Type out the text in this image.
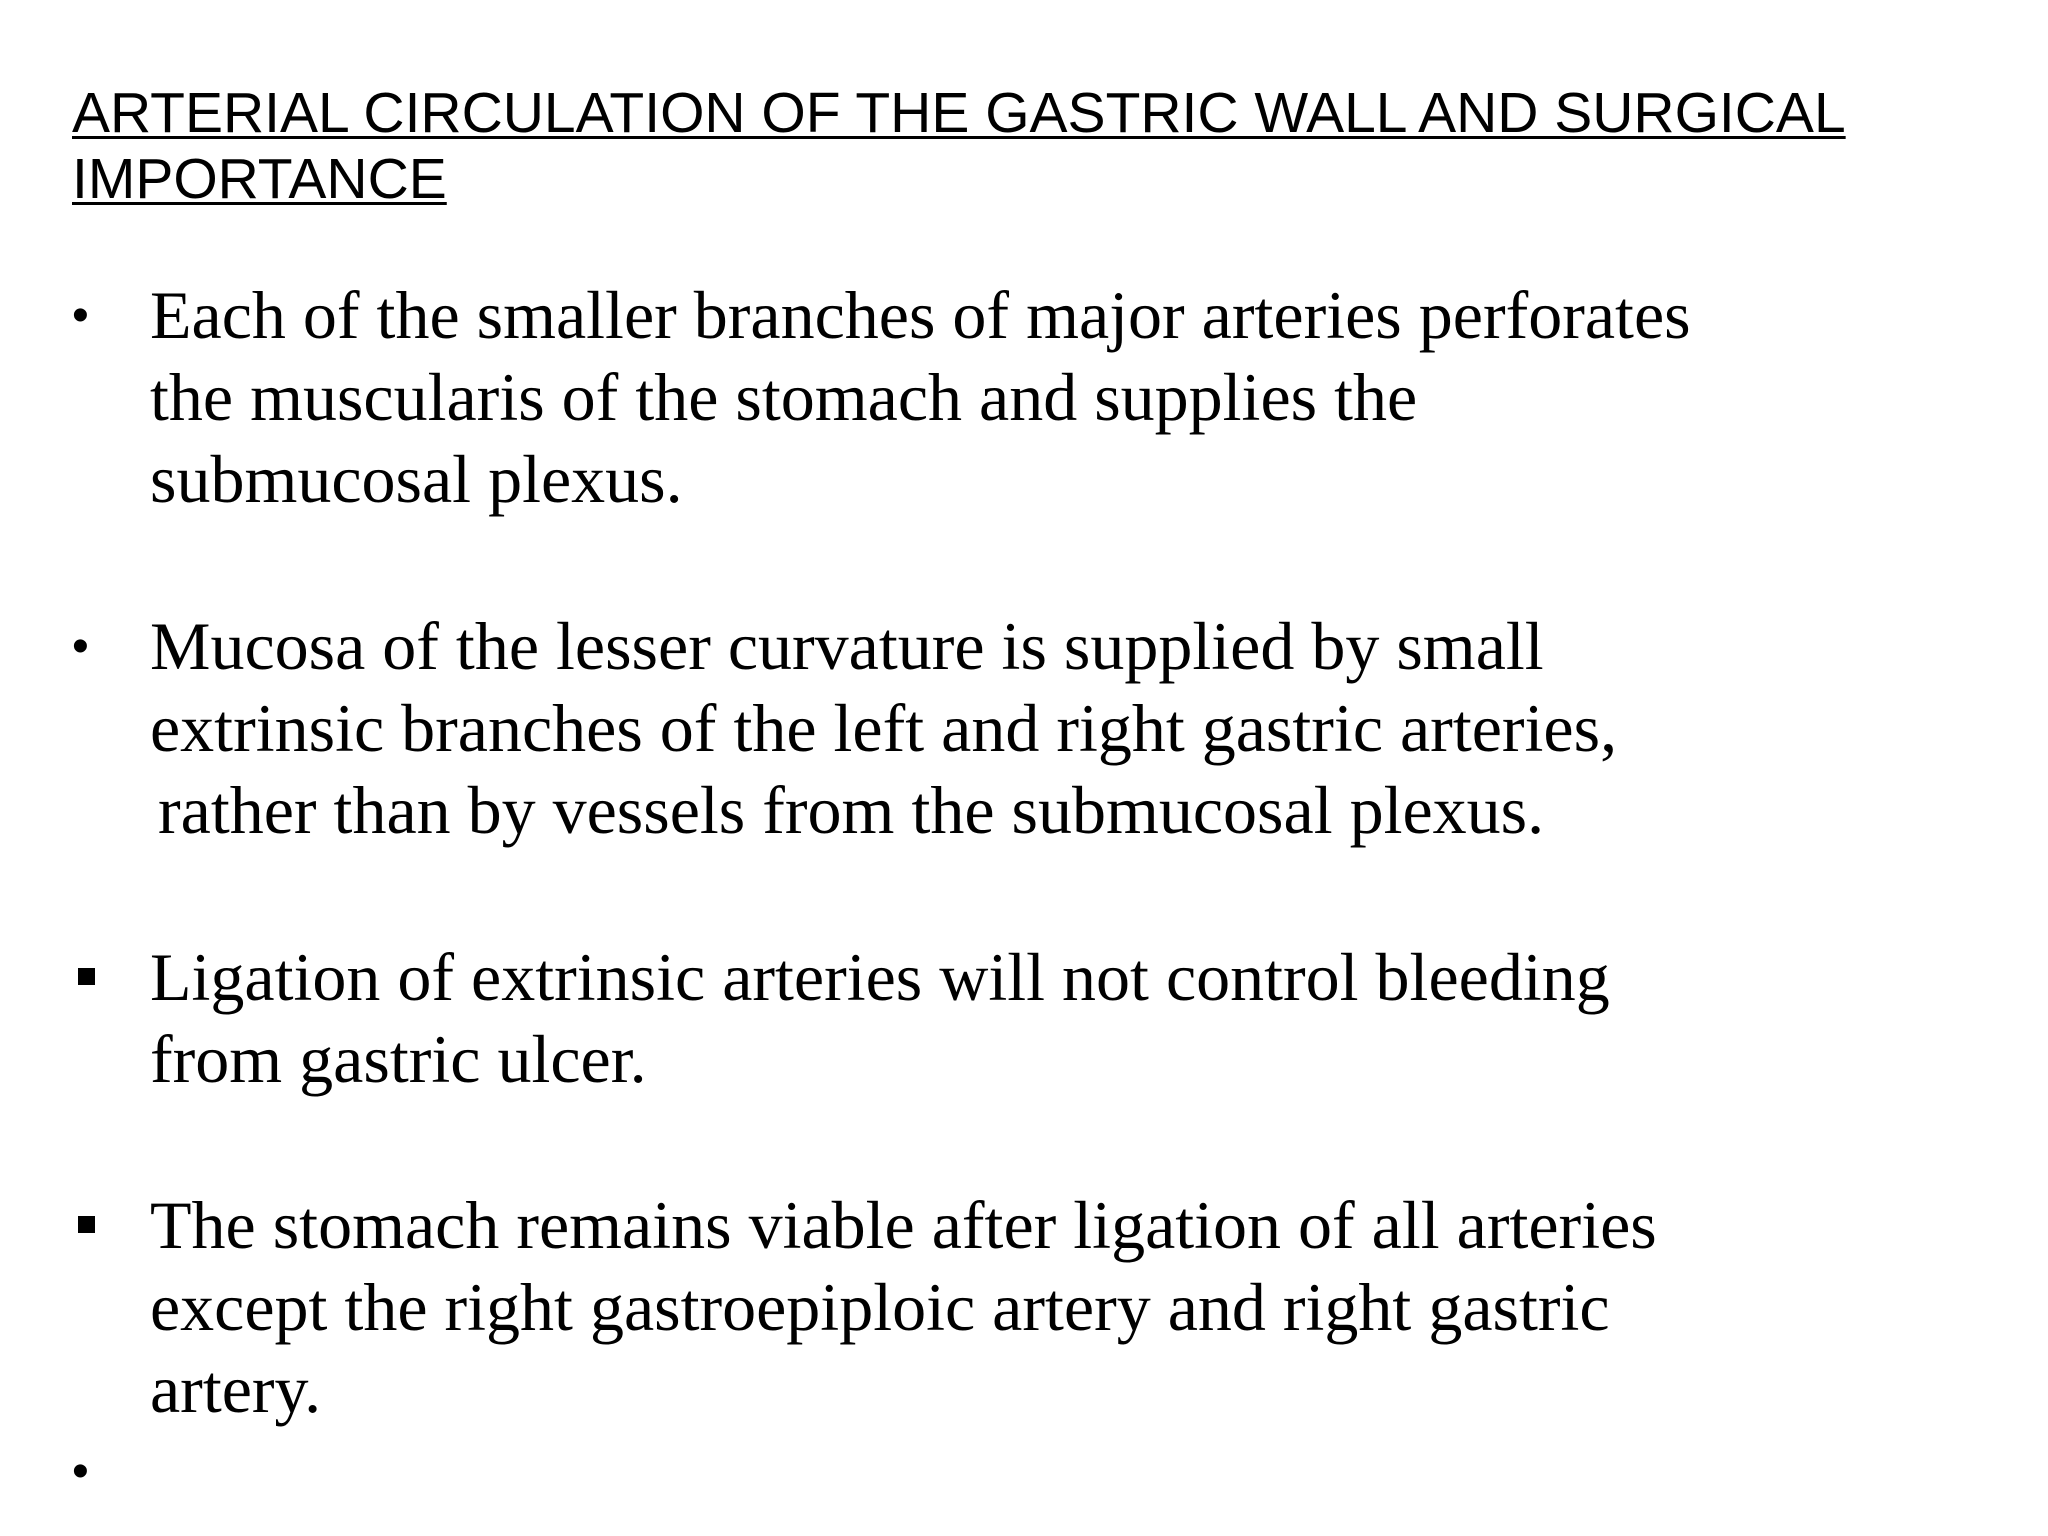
ARTERIAL CIRCULATION OF THE GASTRIC WALL AND SURGICAL
IMPORTANCE
• Each of the smaller branches of major arteries perforates
the muscularis of the stomach and supplies the
submucosal plexus.

• Mucosa of the lesser curvature is supplied by small
extrinsic branches of the left and right gastric arteries,
rather than by vessels from the submucosal plexus.

Ligation of extrinsic arteries will not control bleeding
from gastric ulcer.

The stomach remains viable after ligation of all arteries
except the right gastroepiploic artery and right gastric
artery.

•
